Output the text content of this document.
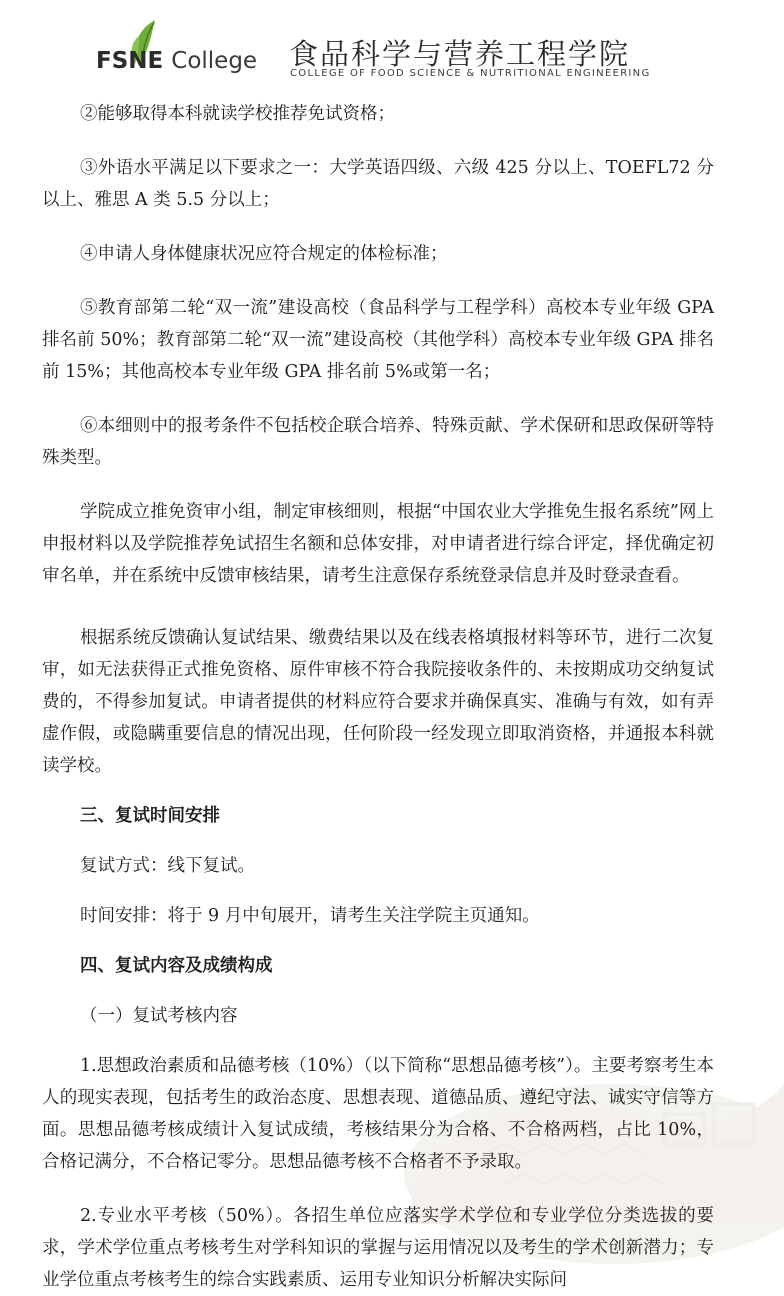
FSNE College 食品科学与营养工程学院
COLLEGE OF FOOD SCIENCE & NUTRITIONAL ENGINEERING

②能够取得本科就读学校推荐免试资格；

③外语水平满足以下要求之一：大学英语四级、六级 425 分以上、TOEFL72 分以上、雅思 A 类 5.5 分以上；

④申请人身体健康状况应符合规定的体检标准；

⑤教育部第二轮“双一流”建设高校（食品科学与工程学科）高校本专业年级 GPA 排名前 50%；教育部第二轮“双一流”建设高校（其他学科）高校本专业年级 GPA 排名前 15%；其他高校本专业年级 GPA 排名前 5%或第一名；

⑥本细则中的报考条件不包括校企联合培养、特殊贡献、学术保研和思政保研等特殊类型。

学院成立推免资审小组，制定审核细则，根据“中国农业大学推免生报名系统”网上申报材料以及学院推荐免试招生名额和总体安排，对申请者进行综合评定，择优确定初审名单，并在系统中反馈审核结果，请考生注意保存系统登录信息并及时登录查看。

根据系统反馈确认复试结果、缴费结果以及在线表格填报材料等环节，进行二次复审，如无法获得正式推免资格、原件审核不符合我院接收条件的、未按期成功交纳复试费的，不得参加复试。申请者提供的材料应符合要求并确保真实、准确与有效，如有弄虚作假，或隐瞒重要信息的情况出现，任何阶段一经发现立即取消资格，并通报本科就读学校。

三、复试时间安排

复试方式：线下复试。

时间安排：将于 9 月中旬展开，请考生关注学院主页通知。

四、复试内容及成绩构成

（一）复试考核内容

1.思想政治素质和品德考核（10%）（以下简称“思想品德考核”）。主要考察考生本人的现实表现，包括考生的政治态度、思想表现、道德品质、遵纪守法、诚实守信等方面。思想品德考核成绩计入复试成绩，考核结果分为合格、不合格两档，占比 10%，合格记满分，不合格记零分。思想品德考核不合格者不予录取。

2.专业水平考核（50%）。各招生单位应落实学术学位和专业学位分类选拔的要求，学术学位重点考核考生对学科知识的掌握与运用情况以及考生的学术创新潜力；专业学位重点考核考生的综合实践素质、运用专业知识分析解决实际问
